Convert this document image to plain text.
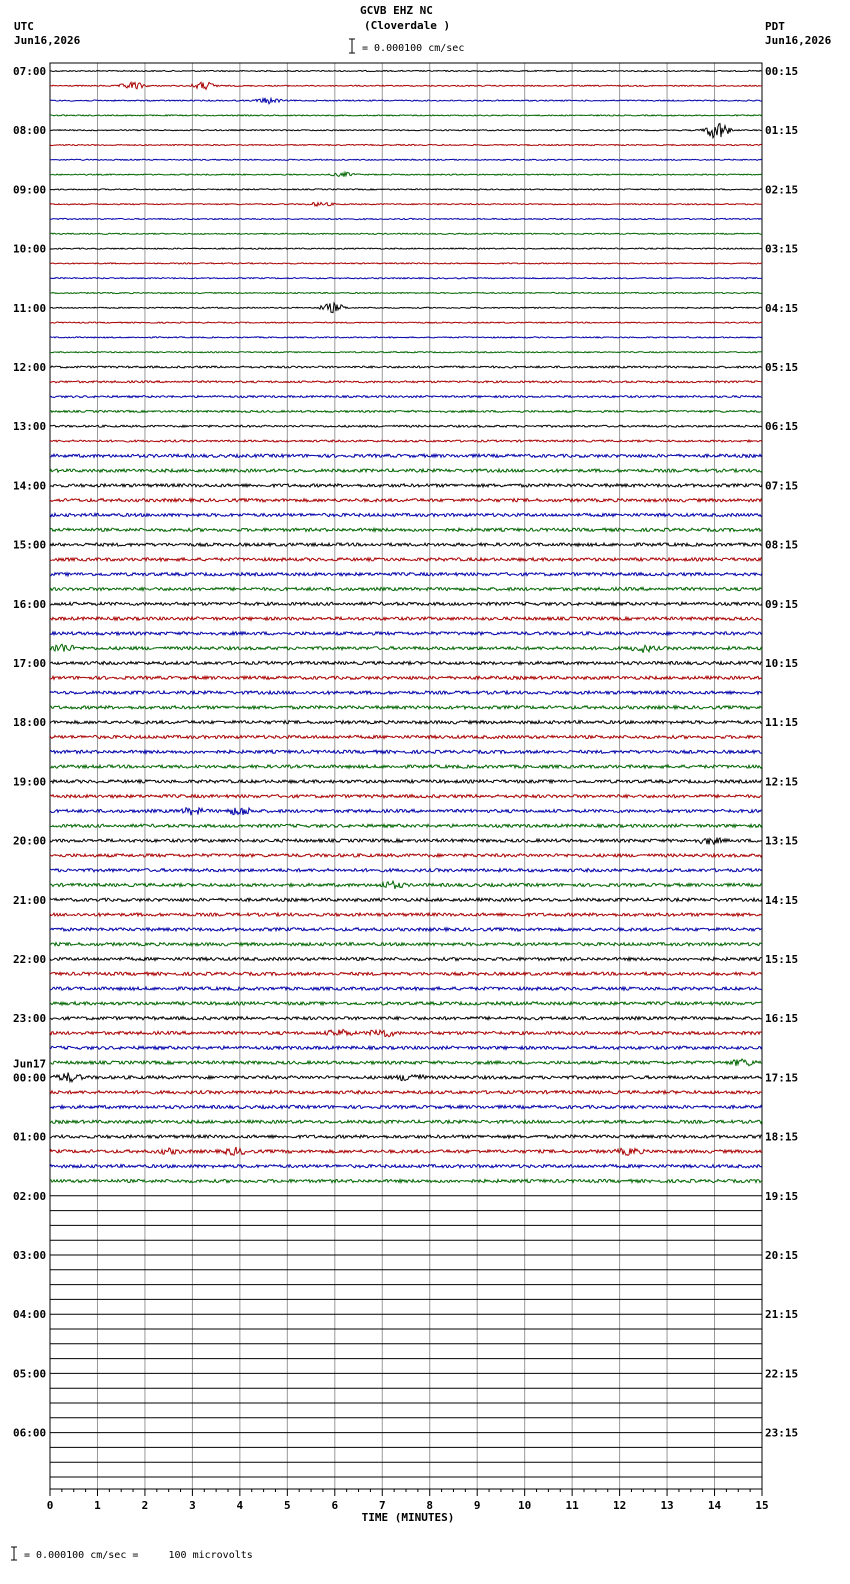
GCVB EHZ NC
(Cloverdale )
= 0.000100 cm/sec
UTC
Jun16,2026
PDT
Jun16,2026
= 0.000100 cm/sec =     100 microvolts
07:00	00:15
08:00	01:15
09:00	02:15
10:00	03:15
11:00	04:15
12:00	05:15
13:00	06:15
14:00	07:15
15:00	08:15
16:00	09:15
17:00	10:15
18:00	11:15
19:00	12:15
20:00	13:15
21:00	14:15
22:00	15:15
23:00	16:15
00:00	17:15
01:00	18:15
02:00	19:15
03:00	20:15
04:00	21:15
05:00	22:15
06:00	23:15
Jun17
0	1	2	3	4	5	6	7	8	9	10	11	12	13	14	15
TIME (MINUTES)
